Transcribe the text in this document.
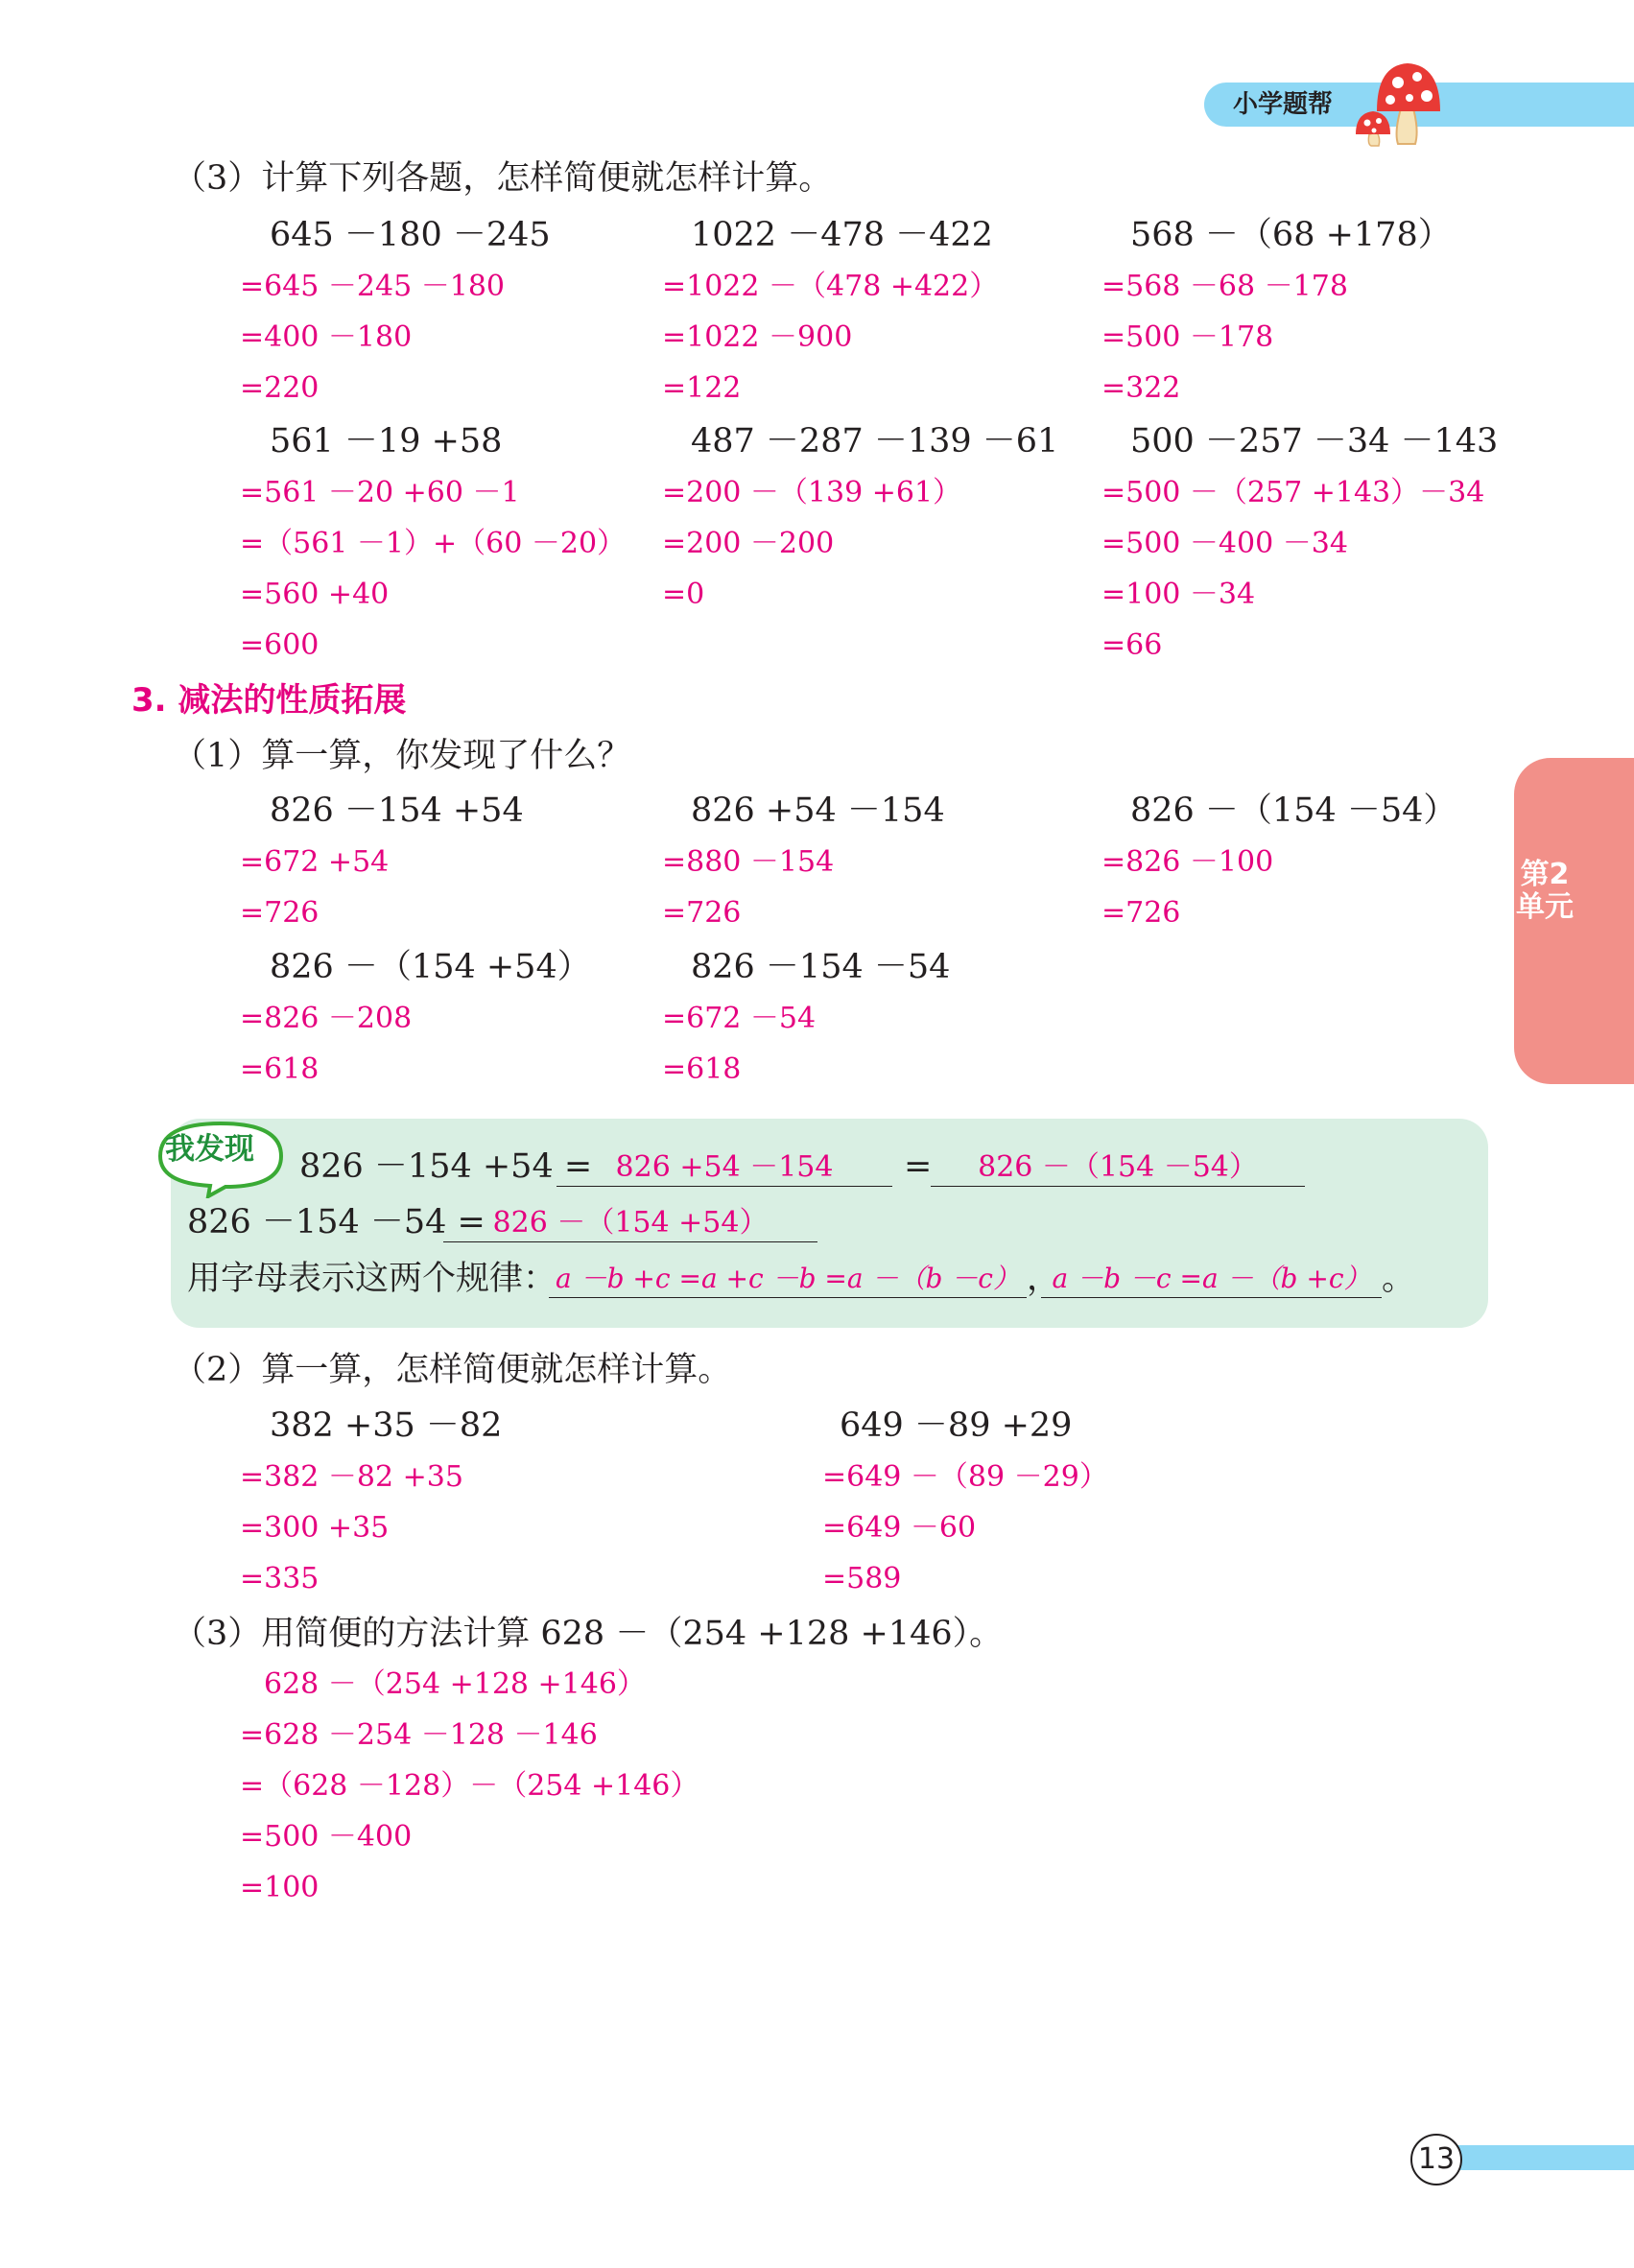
小学题帮
第2单元
（3）计算下列各题，怎样简便就怎样计算。
645 －180 －245
=645 －245 －180
=400 －180
=220
1022 －478 －422
=1022 －（478 +422）
=1022 －900
=122
568 －（68 +178）
=568 －68 －178
=500 －178
=322
561 －19 +58
=561 －20 +60 －1
=（561 －1）+（60 －20）
=560 +40
=600
487 －287 －139 －61
=200 －（139 +61）
=200 －200
=0
500 －257 －34 －143
=500 －（257 +143）－34
=500 －400 －34
=100 －34
=66
3. 减法的性质拓展
（1）算一算，你发现了什么？
826 －154 +54
=672 +54
=726
826 +54 －154
=880 －154
=726
826 －（154 －54）
=826 －100
=726
826 －（154 +54）
=826 －208
=618
826 －154 －54
=672 －54
=618
我发现 826 －154 +54 = 826 +54 －154	=	826 －（154 －54）
826 －154 －54 = 826 －（154 +54）
用字母表示这两个规律： a －b +c =a +c －b =a －（b －c） ，
a －b －c =a －（b +c） 。
（2）算一算，怎样简便就怎样计算。
382 +35 －82
=382 －82 +35
=300 +35
=335
649 －89 +29
=649 －（89 －29）
=649 －60
=589
（3）用简便的方法计算 628 －（254 +128 +146）。
628 －（254 +128 +146）
=628 －254 －128 －146
=（628 －128）－（254 +146）
=500 －400
=100
13
